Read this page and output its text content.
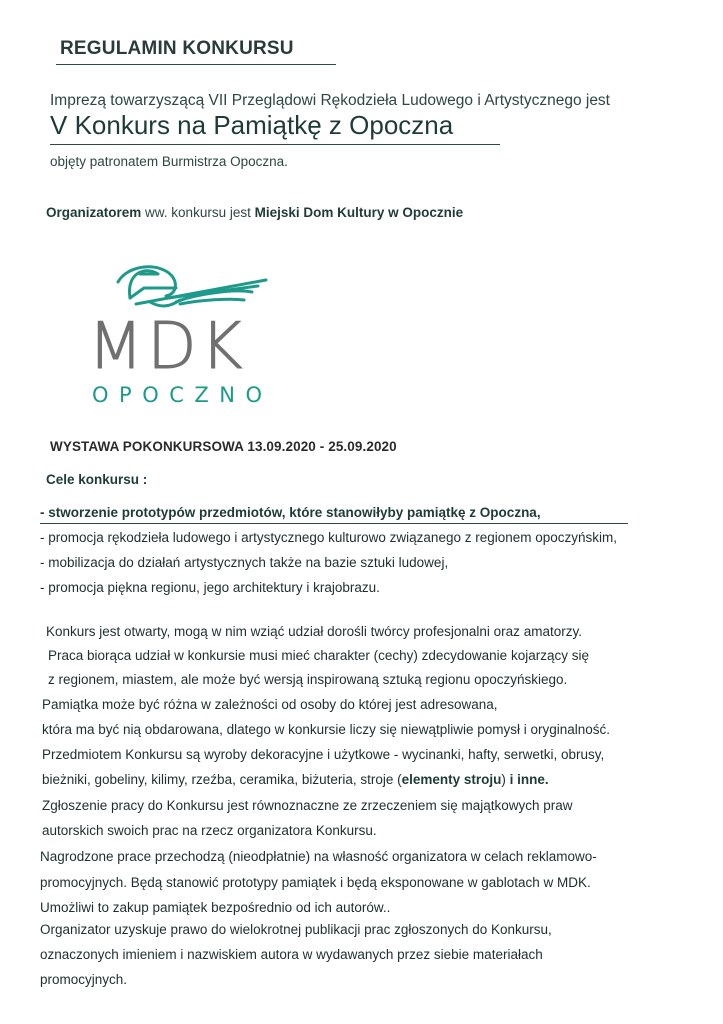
REGULAMIN KONKURSU
Imprezą towarzyszącą VII Przeglądowi Rękodzieła Ludowego i Artystycznego jest
V Konkurs na Pamiątkę z Opoczna
objęty patronatem Burmistrza Opoczna.
Organizatorem ww. konkursu jest Miejski Dom Kultury w Opocznie
MDK
OPOCZNO
WYSTAWA POKONKURSOWA 13.09.2020 - 25.09.2020
Cele konkursu :
- stworzenie prototypów przedmiotów, które stanowiłyby pamiątkę z Opoczna,
- promocja rękodzieła ludowego i artystycznego kulturowo związanego z regionem opoczyńskim,
- mobilizacja do działań artystycznych także na bazie sztuki ludowej,
- promocja piękna regionu, jego architektury i krajobrazu.
Konkurs jest otwarty, mogą w nim wziąć udział dorośli twórcy profesjonalni oraz amatorzy.
Praca biorąca udział w konkursie musi mieć charakter (cechy) zdecydowanie kojarzący się
z regionem, miastem, ale może być wersją inspirowaną sztuką regionu opoczyńskiego.
Pamiątka może być różna w zależności od osoby do której jest adresowana,
która ma być nią obdarowana, dlatego w konkursie liczy się niewątpliwie pomysł i oryginalność.
Przedmiotem Konkursu są wyroby dekoracyjne i użytkowe - wycinanki, hafty, serwetki, obrusy,
bieżniki, gobeliny, kilimy, rzeźba, ceramika, biżuteria, stroje (elementy stroju) i inne.
Zgłoszenie pracy do Konkursu jest równoznaczne ze zrzeczeniem się majątkowych praw
autorskich swoich prac na rzecz organizatora Konkursu.
Nagrodzone prace przechodzą (nieodpłatnie) na własność organizatora w celach reklamowo-
promocyjnych. Będą stanowić prototypy pamiątek i będą eksponowane w gablotach w MDK.
Umożliwi to zakup pamiątek bezpośrednio od ich autorów..
Organizator uzyskuje prawo do wielokrotnej publikacji prac zgłoszonych do Konkursu,
oznaczonych imieniem i nazwiskiem autora w wydawanych przez siebie materiałach
promocyjnych.
